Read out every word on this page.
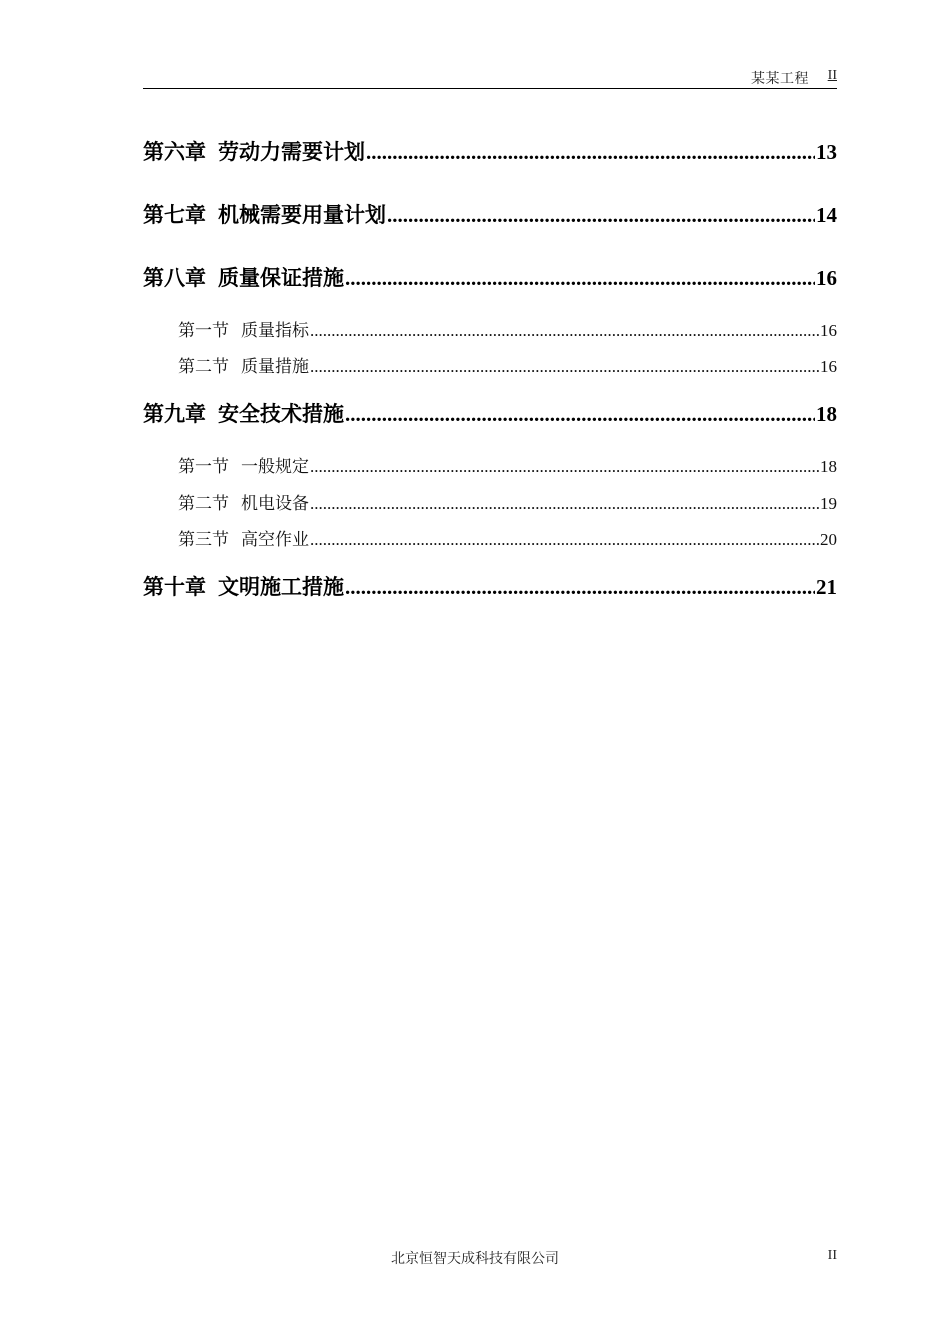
某某工程 II
第六章 劳动力需要计划 .....	13
第七章 机械需要用量计划 .....	14
第八章 质量保证措施 .....	16
第一节 质量指标 .....	16
第二节 质量措施 .....	16
第九章 安全技术措施 .....	18
第一节 一般规定 .....	18
第二节 机电设备 .....	19
第三节 高空作业 .....	20
第十章 文明施工措施 .....	21
北京恒智天成科技有限公司	II
